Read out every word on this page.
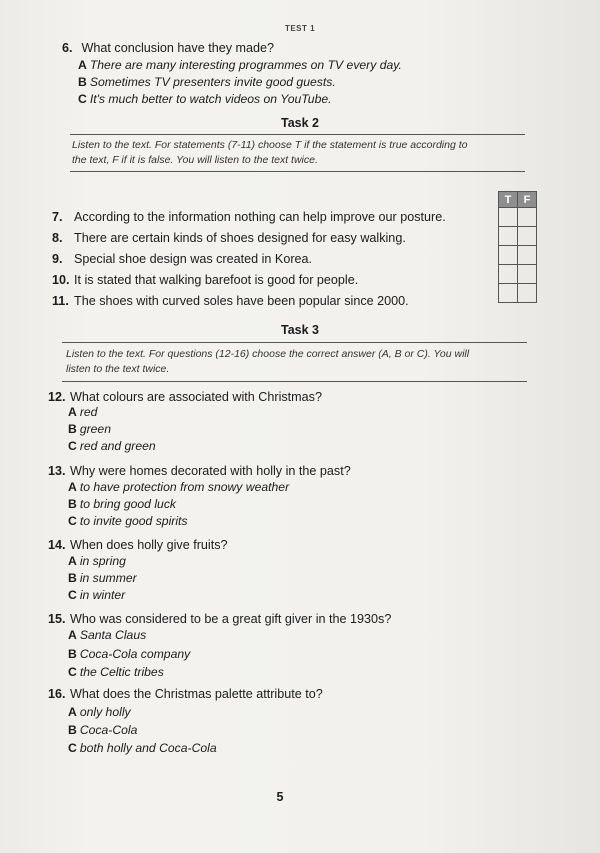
TEST 1
6. What conclusion have they made?
A There are many interesting programmes on TV every day.
B Sometimes TV presenters invite good guests.
C It's much better to watch videos on YouTube.
Task 2
Listen to the text. For statements (7-11) choose T if the statement is true according to
the text, F if it is false. You will listen to the text twice.
T	F

7. According to the information nothing can help improve our posture.
8. There are certain kinds of shoes designed for easy walking.
9. Special shoe design was created in Korea.
10. It is stated that walking barefoot is good for people.
11. The shoes with curved soles have been popular since 2000.
Task 3
Listen to the text. For questions (12-16) choose the correct answer (A, B or C). You will
listen to the text twice.
12. What colours are associated with Christmas?
A red
B green
C red and green
13. Why were homes decorated with holly in the past?
A to have protection from snowy weather
B to bring good luck
C to invite good spirits
14. When does holly give fruits?
A in spring
B in summer
C in winter
15. Who was considered to be a great gift giver in the 1930s?
A Santa Claus
B Coca-Cola company
C the Celtic tribes
16. What does the Christmas palette attribute to?
A only holly
B Coca-Cola
C both holly and Coca-Cola
5
